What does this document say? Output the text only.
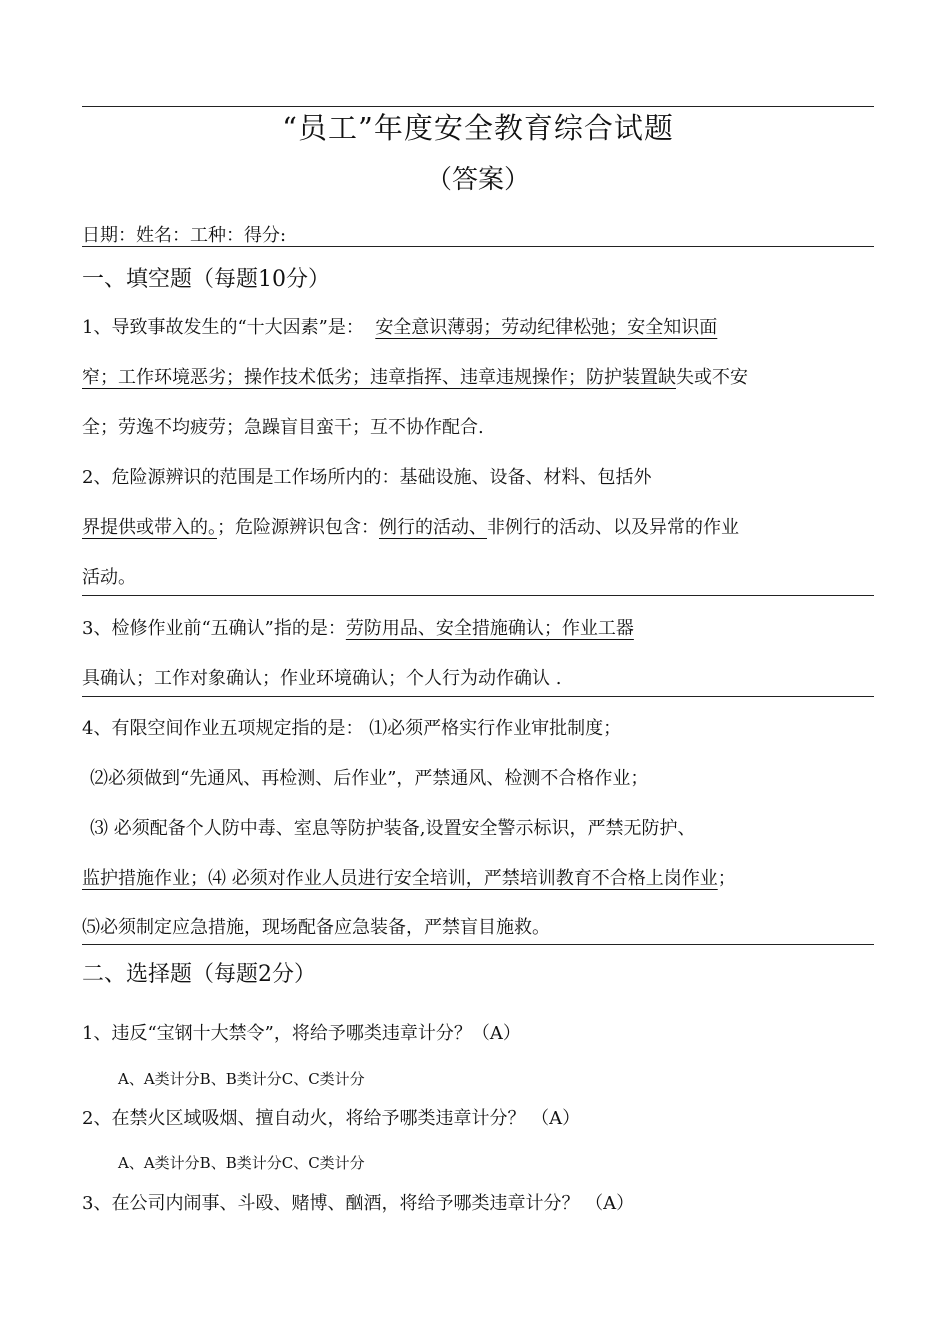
“员工”年度安全教育综合试题
（答案）
日期：姓名：工种：得分:
一、填空题（每题10分）
1、导致事故发生的“十大因素”是： 安全意识薄弱；劳动纪律松弛；安全知识面
窄；工作环境恶劣；操作技术低劣；违章指挥、违章违规操作；防护装置缺失或不安
全；劳逸不均疲劳；急躁盲目蛮干；互不协作配合.
2、危险源辨识的范围是工作场所内的：基础设施、设备、材料、包括外
界提供或带入的。；危险源辨识包含：例行的活动、非例行的活动、以及异常的作业
活动。
3、检修作业前“五确认”指的是：劳防用品、安全措施确认；作业工器
具确认；工作对象确认；作业环境确认；个人行为动作确认 .
4、有限空间作业五项规定指的是： ⑴必须严格实行作业审批制度；
⑵必须做到“先通风、再检测、后作业”，严禁通风、检测不合格作业；
⑶ 必须配备个人防中毒、室息等防护装备,设置安全警示标识，严禁无防护、
监护措施作业；⑷ 必须对作业人员进行安全培训，严禁培训教育不合格上岗作业；
⑸必须制定应急措施，现场配备应急装备，严禁盲目施救。
二、选择题（每题2分）
1、违反“宝钢十大禁令”，将给予哪类违章计分？（A）
A、A类计分B、B类计分C、C类计分
2、在禁火区域吸烟、擅自动火，将给予哪类违章计分？ （A）
A、A类计分B、B类计分C、C类计分
3、在公司内闹事、斗殴、赌博、酗酒，将给予哪类违章计分？ （A）
